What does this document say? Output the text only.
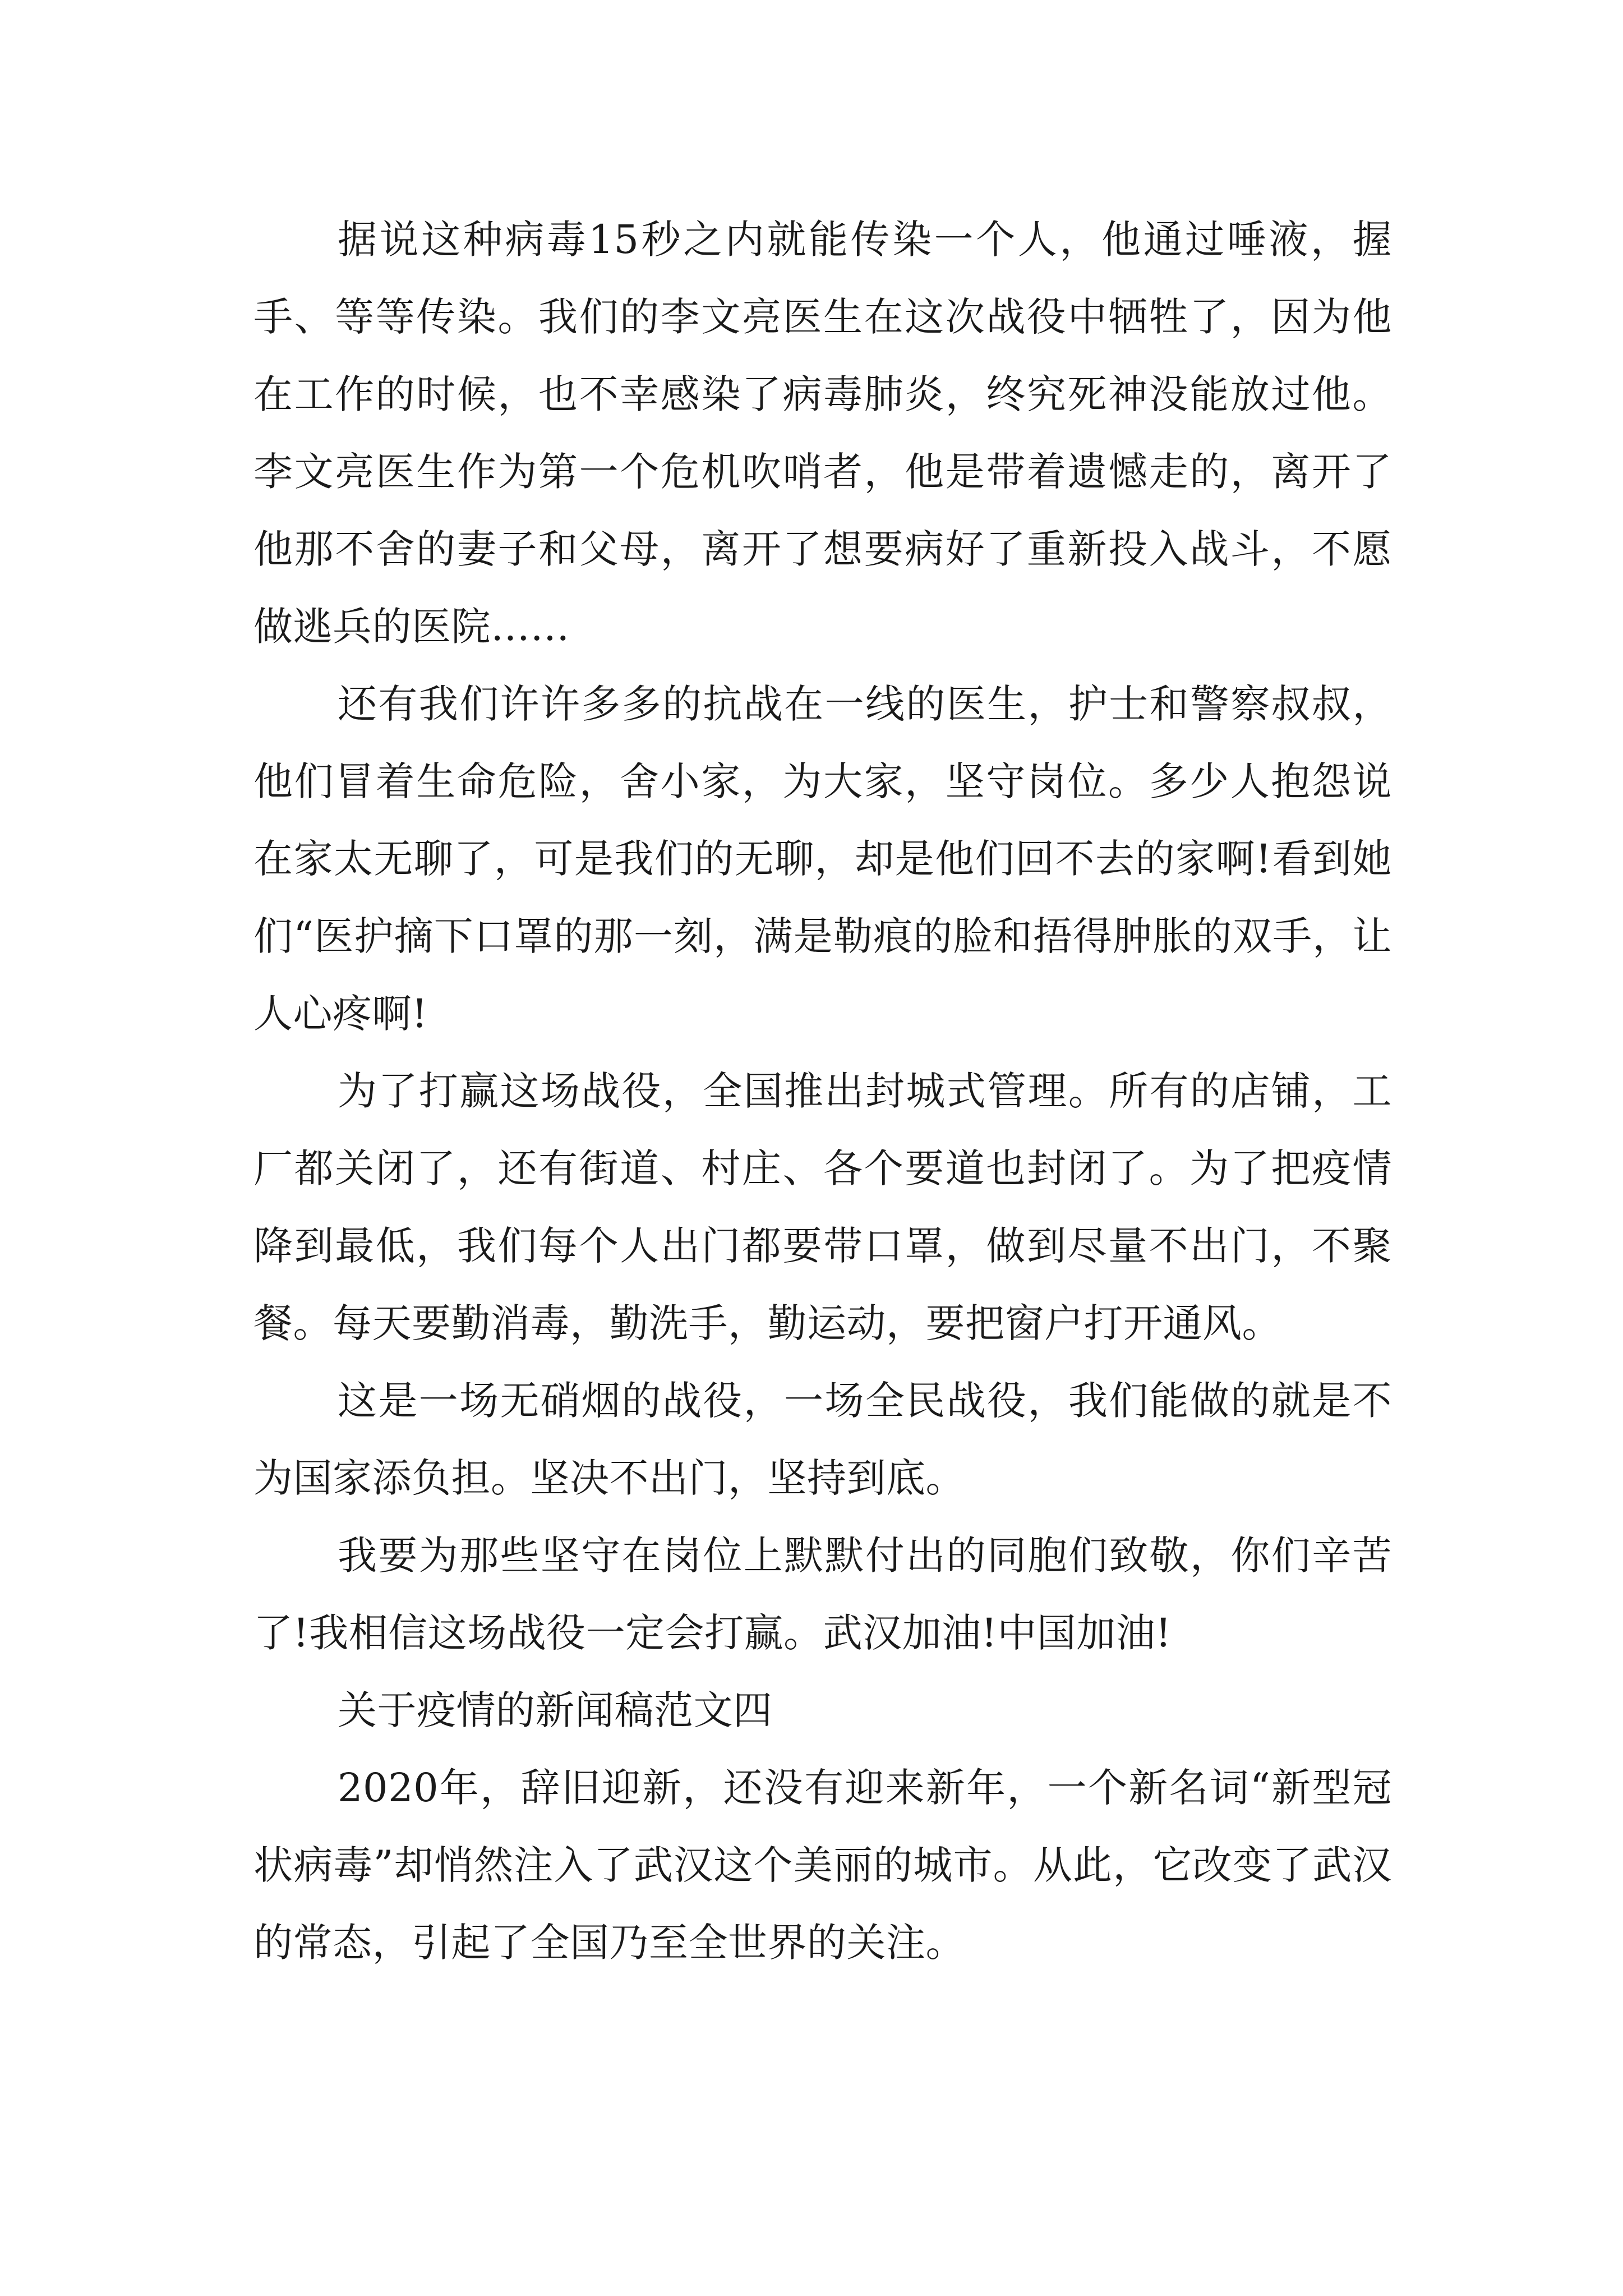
据说这种病毒15秒之内就能传染一个人，他通过唾液，握手、等等传染。我们的李文亮医生在这次战役中牺牲了，因为他在工作的时候，也不幸感染了病毒肺炎，终究死神没能放过他。李文亮医生作为第一个危机吹哨者，他是带着遗憾走的，离开了他那不舍的妻子和父母，离开了想要病好了重新投入战斗，不愿做逃兵的医院……

还有我们许许多多的抗战在一线的医生，护士和警察叔叔，他们冒着生命危险，舍小家，为大家，坚守岗位。多少人抱怨说在家太无聊了，可是我们的无聊，却是他们回不去的家啊!看到她们“医护摘下口罩的那一刻，满是勒痕的脸和捂得肿胀的双手，让人心疼啊!

为了打赢这场战役，全国推出封城式管理。所有的店铺，工厂都关闭了，还有街道、村庄、各个要道也封闭了。为了把疫情降到最低，我们每个人出门都要带口罩，做到尽量不出门，不聚餐。每天要勤消毒，勤洗手，勤运动，要把窗户打开通风。

这是一场无硝烟的战役，一场全民战役，我们能做的就是不为国家添负担。坚决不出门，坚持到底。

我要为那些坚守在岗位上默默付出的同胞们致敬，你们辛苦了!我相信这场战役一定会打赢。武汉加油!中国加油!

关于疫情的新闻稿范文四

2020年，辞旧迎新，还没有迎来新年，一个新名词“新型冠状病毒”却悄然注入了武汉这个美丽的城市。从此，它改变了武汉的常态，引起了全国乃至全世界的关注。
